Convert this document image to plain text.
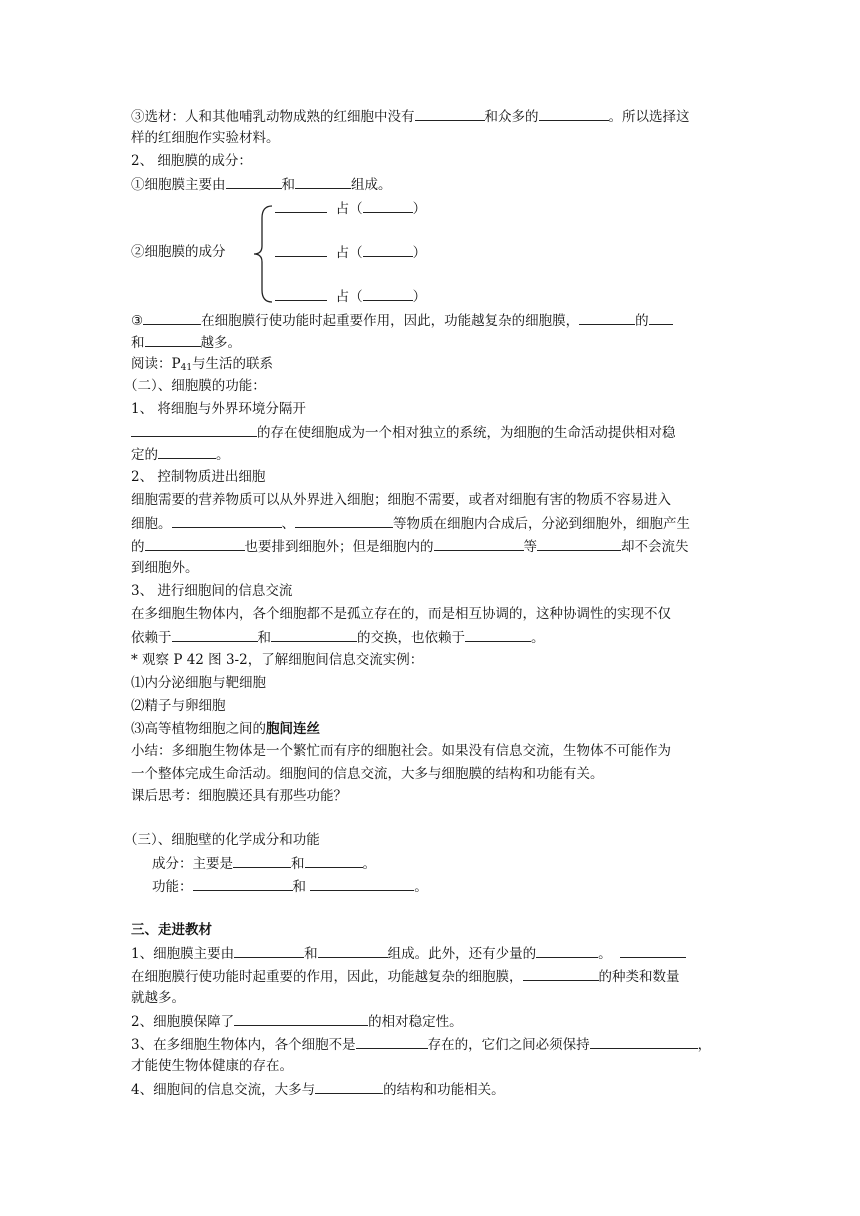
③选材：人和其他哺乳动物成熟的红细胞中没有	和众多的	。所以选择这
样的红细胞作实验材料。
2、 细胞膜的成分：
①细胞膜主要由	和	组成。
②细胞膜的成分
占（	）
占（	）
占（	）
③	在细胞膜行使功能时起重要作用，因此，功能越复杂的细胞膜，	的
和	越多。
阅读：$P_{41}$与生活的联系
（二）、细胞膜的功能：
1、 将细胞与外界环境分隔开
的存在使细胞成为一个相对独立的系统，为细胞的生命活动提供相对稳
定的	。
2、 控制物质进出细胞
细胞需要的营养物质可以从外界进入细胞；细胞不需要，或者对细胞有害的物质不容易进入
细胞。	、	等物质在细胞内合成后，分泌到细胞外，细胞产生
的	也要排到细胞外；但是细胞内的	等	却不会流失
到细胞外。
3、 进行细胞间的信息交流
在多细胞生物体内，各个细胞都不是孤立存在的，而是相互协调的，这种协调性的实现不仅
依赖于	和	的交换，也依赖于	。
* 观察 P 42 图 3-2，了解细胞间信息交流实例：
⑴内分泌细胞与靶细胞
⑵精子与卵细胞
⑶高等植物细胞之间的胞间连丝
小结：多细胞生物体是一个繁忙而有序的细胞社会。如果没有信息交流，生物体不可能作为
一个整体完成生命活动。细胞间的信息交流，大多与细胞膜的结构和功能有关。
课后思考：细胞膜还具有那些功能？
（三）、细胞壁的化学成分和功能
成分：主要是	和	。
功能：	和	。
三、走进教材
1、细胞膜主要由	和	组成。此外，还有少量的	。
在细胞膜行使功能时起重要的作用，因此，功能越复杂的细胞膜，	的种类和数量
就越多。
2、细胞膜保障了	的相对稳定性。
3、在多细胞生物体内，各个细胞不是	存在的，它们之间必须保持	，
才能使生物体健康的存在。
4、细胞间的信息交流，大多与	的结构和功能相关。
